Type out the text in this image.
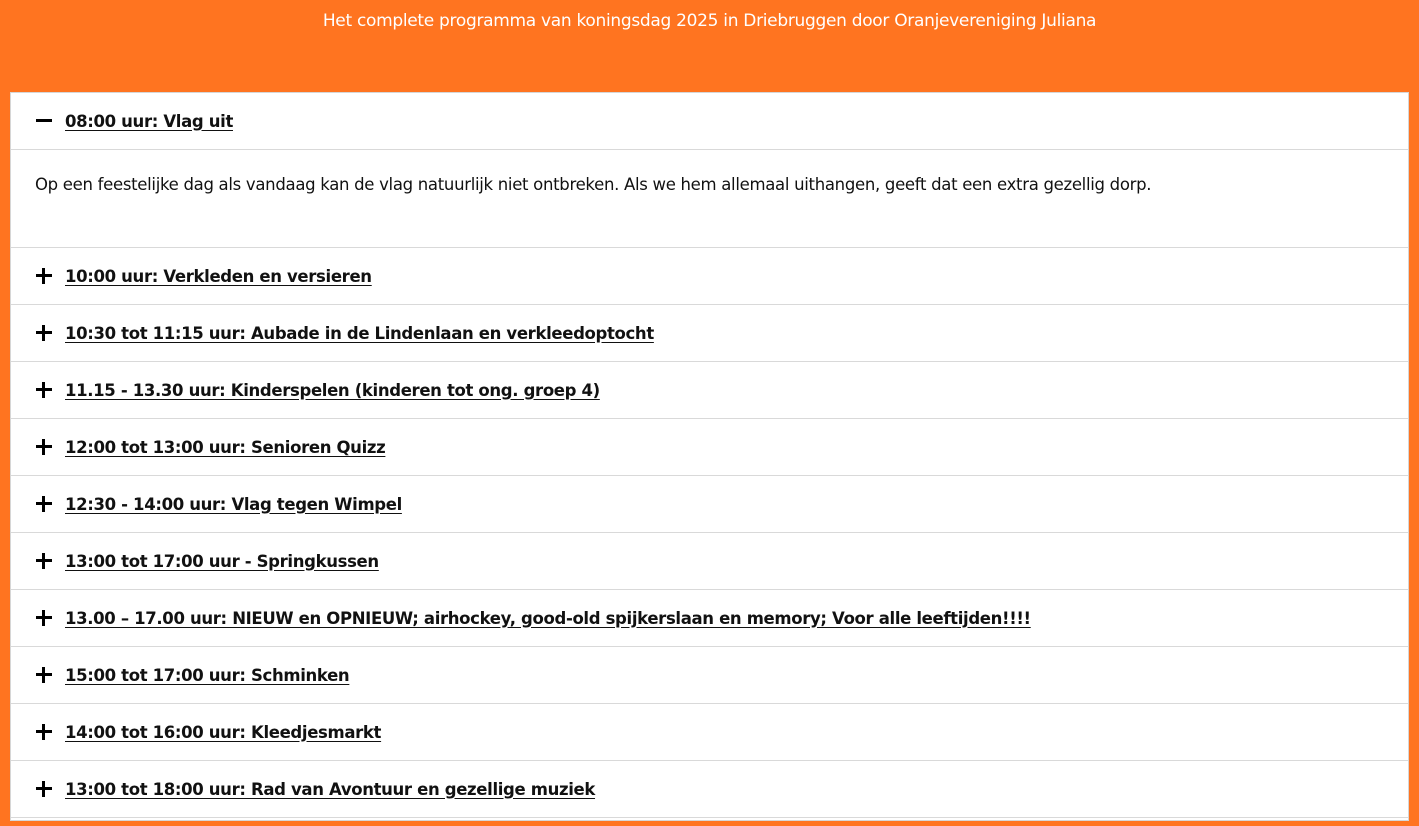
Het complete programma van koningsdag 2025 in Driebruggen door Oranjevereniging Juliana
08:00 uur: Vlag uit
Op een feestelijke dag als vandaag kan de vlag natuurlijk niet ontbreken. Als we hem allemaal uithangen, geeft dat een extra gezellig dorp.
10:00 uur: Verkleden en versieren
10:30 tot 11:15 uur: Aubade in de Lindenlaan en verkleedoptocht
11.15 - 13.30 uur: Kinderspelen (kinderen tot ong. groep 4)
12:00 tot 13:00 uur: Senioren Quizz
12:30 - 14:00 uur: Vlag tegen Wimpel
13:00 tot 17:00 uur - Springkussen
13.00 – 17.00 uur: NIEUW en OPNIEUW; airhockey, good-old spijkerslaan en memory; Voor alle leeftijden!!!!
15:00 tot 17:00 uur: Schminken
14:00 tot 16:00 uur: Kleedjesmarkt
13:00 tot 18:00 uur: Rad van Avontuur en gezellige muziek
